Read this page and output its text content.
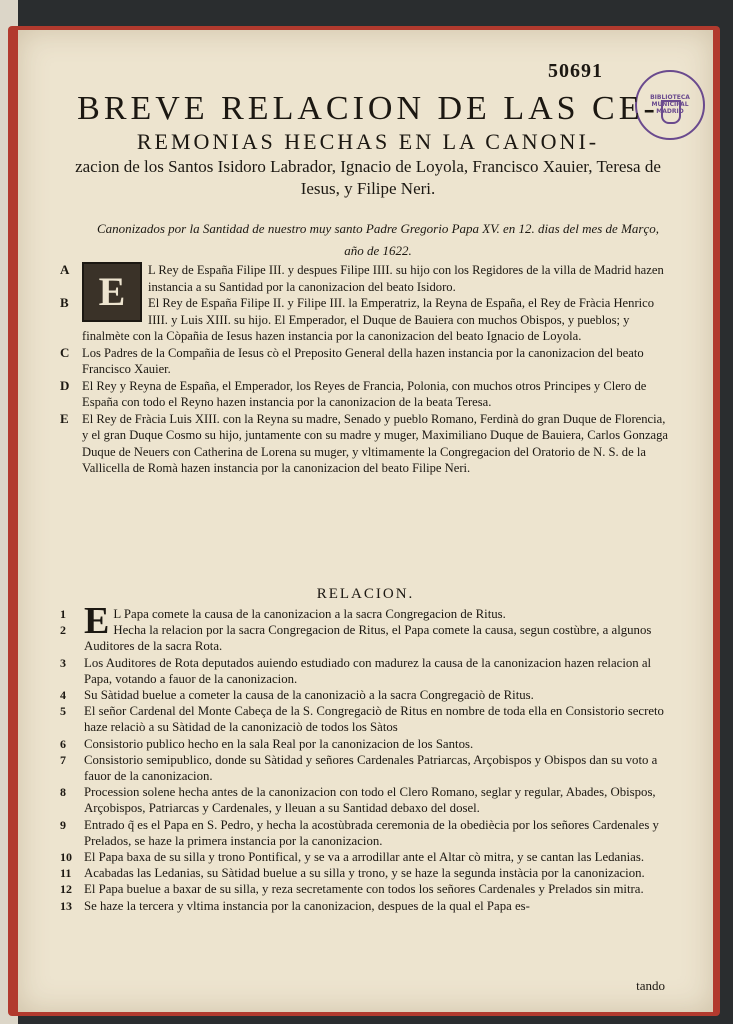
50691
BIBLIOTECA MUNICIPAL MADRID
BREVE RELACION DE LAS CE-
REMONIAS HECHAS EN LA CANONI-
zacion de los Santos Isidoro Labrador, Ignacio de Loyola, Francisco Xauier, Teresa de Iesus, y Filipe Neri.
Canonizados por la Santidad de nuestro muy santo Padre Gregorio Papa XV. en 12. dias del mes de Março, año de 1622.

A E	L Rey de España Filipe III. y despues Filipe IIII. su hijo con los Regidores de la villa de Madrid hazen instancia a su Santidad por la canonizacion del beato Isidoro.

B	El Rey de España Filipe II. y Filipe III. la Emperatriz, la Reyna de España, el Rey de Fràcia Henrico IIII. y Luis XIII. su hijo. El Emperador, el Duque de Bauiera con muchos Obispos, y pueblos; y finalmète con la Còpañia de Iesus hazen instancia por la canonizacion del beato Ignacio de Loyola.

C Los Padres de la Compañia de Iesus cò el Preposito General della hazen instancia por la canonizacion del beato Francisco Xauier.

D El Rey y Reyna de España, el Emperador, los Reyes de Francia, Polonia, con muchos otros Principes y Clero de España con todo el Reyno hazen instancia por la canonizacion de la beata Teresa.

E El Rey de Fràcia Luis XIII. con la Reyna su madre, Senado y pueblo Romano, Ferdinà do gran Duque de Florencia, y el gran Duque Cosmo su hijo, juntamente con su madre y muger, Maximiliano Duque de Bauiera, Carlos Gonzaga Duque de Neuers con Catherina de Lorena su muger, y vltimamente la Congregacion del Oratorio de N. S. de la Vallicella de Romà hazen instancia por la canonizacion del beato Filipe Neri.

RELACION.

1 E L Papa comete la causa de la canonizacion a la sacra Congregacion de Ritus.

2	Hecha la relacion por la sacra Congregacion de Ritus, el Papa comete la causa, segun costùbre, a algunos Auditores de la sacra Rota.

3 Los Auditores de Rota deputados auiendo estudiado con madurez la causa de la canonizacion hazen relacion al Papa, votando a fauor de la canonizacion.

4 Su Sàtidad buelue a cometer la causa de la canonizaciò a la sacra Congregaciò de Ritus.

5 El señor Cardenal del Monte Cabeça de la S. Congregaciò de Ritus en nombre de toda ella en Consistorio secreto haze relaciò a su Sàtidad de la canonizaciò de todos los Sàtos

6 Consistorio publico hecho en la sala Real por la canonizacion de los Santos.

7 Consistorio semipublico, donde su Sàtidad y señores Cardenales Patriarcas, Arçobispos y Obispos dan su voto a fauor de la canonizacion.

8 Procession solene hecha antes de la canonizacion con todo el Clero Romano, seglar y regular, Abades, Obispos, Arçobispos, Patriarcas y Cardenales, y lleuan a su Santidad debaxo del dosel.

9 Entrado q̃ es el Papa en S. Pedro, y hecha la acostùbrada ceremonia de la obediècia por los señores Cardenales y Prelados, se haze la primera instancia por la canonizacion.

10 El Papa baxa de su silla y trono Pontifical, y se va a arrodillar ante el Altar cò mitra, y se cantan las Ledanias.

11 Acabadas las Ledanias, su Sàtidad buelue a su silla y trono, y se haze la segunda instàcia por la canonizacion.

12 El Papa buelue a baxar de su silla, y reza secretamente con todos los señores Cardenales y Prelados sin mitra.

13 Se haze la tercera y vltima instancia por la canonizacion, despues de la qual el Papa es-

tando
